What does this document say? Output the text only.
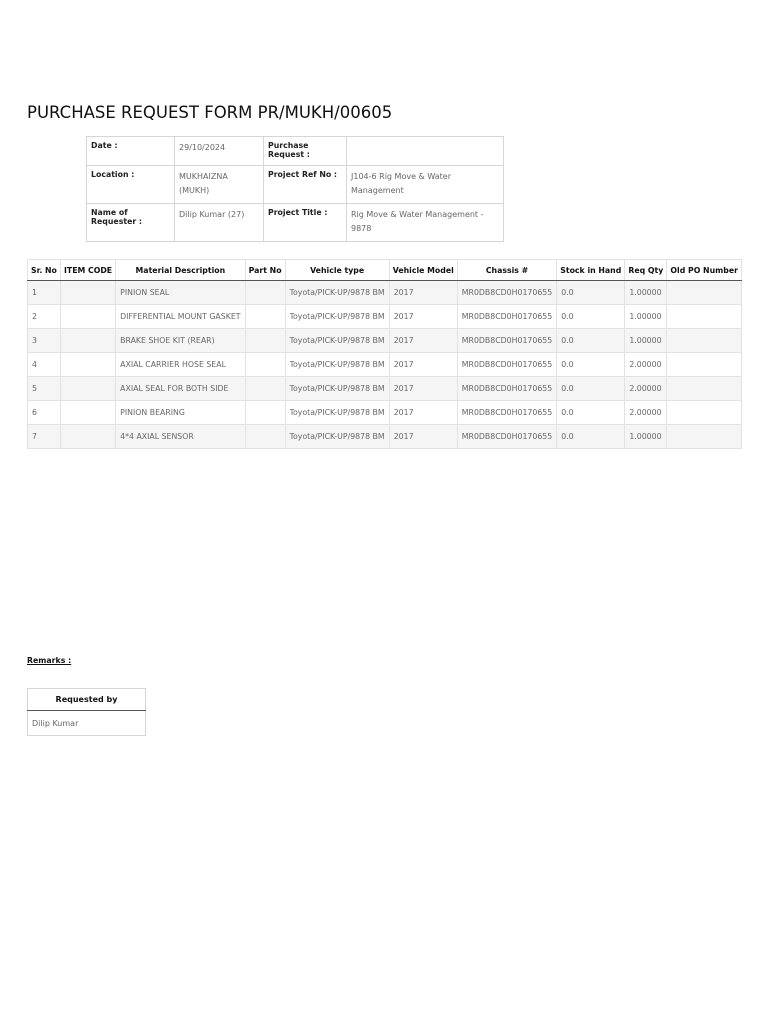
PURCHASE REQUEST FORM PR/MUKH/00605
Date :	29/10/2024	Purchase Request :	
Location :	MUKHAIZNA (MUKH)	Project Ref No :	J104-6 Rig Move & Water Management
Name of Requester :	Dilip Kumar (27)	Project Title :	Rig Move & Water Management - 9878
Sr. No	ITEM CODE	Material Description	Part No	Vehicle type	Vehicle Model	Chassis #	Stock in Hand	Req Qty	Old PO Number
1		PINION SEAL		Toyota/PICK-UP/9878 BM	2017	MR0DB8CD0H0170655	0.0	1.00000	
2		DIFFERENTIAL MOUNT GASKET		Toyota/PICK-UP/9878 BM	2017	MR0DB8CD0H0170655	0.0	1.00000	
3		BRAKE SHOE KIT (REAR)		Toyota/PICK-UP/9878 BM	2017	MR0DB8CD0H0170655	0.0	1.00000	
4		AXIAL CARRIER HOSE SEAL		Toyota/PICK-UP/9878 BM	2017	MR0DB8CD0H0170655	0.0	2.00000	
5		AXIAL SEAL FOR BOTH SIDE		Toyota/PICK-UP/9878 BM	2017	MR0DB8CD0H0170655	0.0	2.00000	
6		PINION BEARING		Toyota/PICK-UP/9878 BM	2017	MR0DB8CD0H0170655	0.0	2.00000	
7		4*4 AXIAL SENSOR		Toyota/PICK-UP/9878 BM	2017	MR0DB8CD0H0170655	0.0	1.00000	
Remarks :
Requested by
Dilip Kumar
